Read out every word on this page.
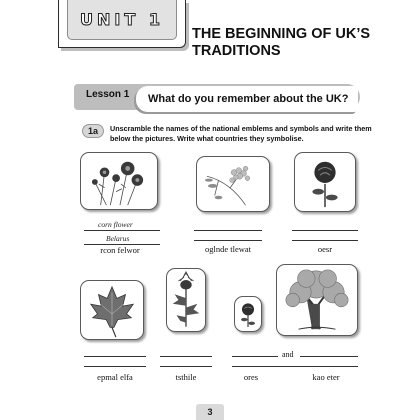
UNIT 1
THE BEGINNING OF UK’S
TRADITIONS
Lesson 1	What do you remember about the UK?
1a	Unscramble the names of the national emblems and symbols and write them below the pictures. Write what countries they symbolise.
corn flower
Belarus
rcon felwor	oglnde tlewat	oesr
epmal elfa	tsthile
and
ores	kao eter
3
